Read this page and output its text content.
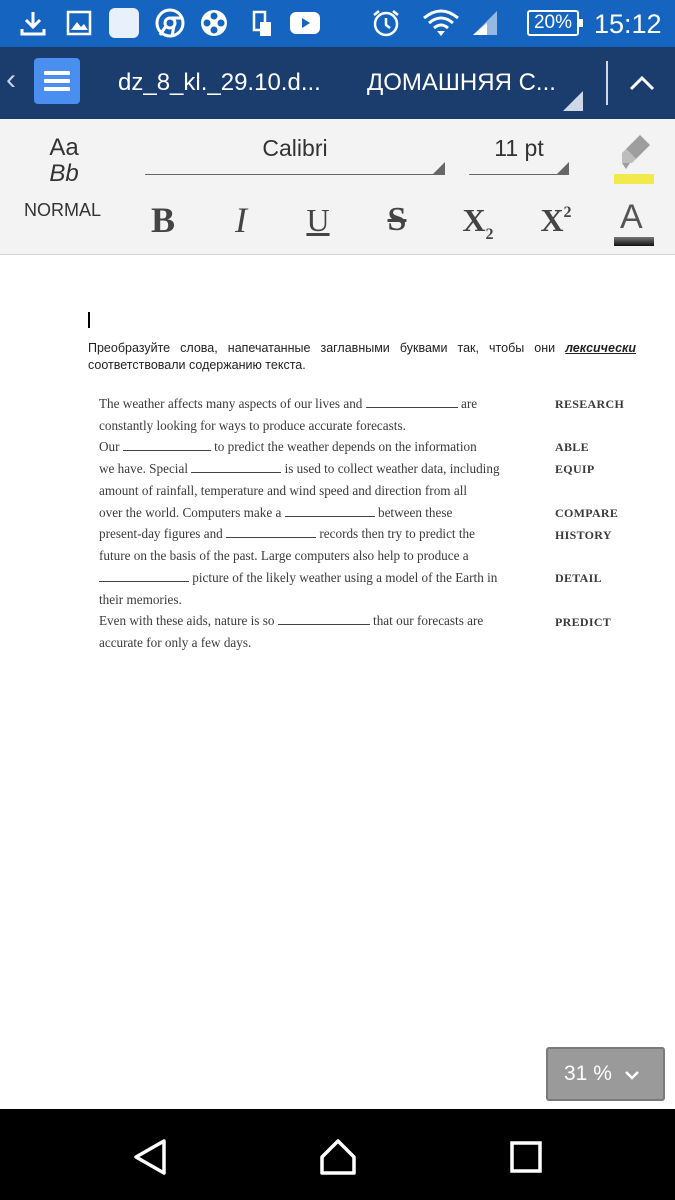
20% 15:12
‹	dz_8_kl._29.10.d... ДОМАШНЯЯ С...
Aa
Bb
NORMAL
Calibri	11 pt
B I U S $X_2$ $X^2$ A
Преобразуйте слова, напечатанные заглавными буквами так, чтобы они лексически соответствовали содержанию текста.
The weather affects many aspects of our lives and	are
constantly looking for ways to produce accurate forecasts.
Our	to predict the weather depends on the information
we have. Special	is used to collect weather data, including
amount of rainfall, temperature and wind speed and direction from all
over the world. Computers make a	between these
present-day figures and	records then try to predict the
future on the basis of the past. Large computers also help to produce a
picture of the likely weather using a model of the Earth in
their memories.
Even with these aids, nature is so	that our forecasts are
accurate for only a few days.
RESEARCH
ABLE
EQUIP
COMPARE
HISTORY
DETAIL
PREDICT
31 %
